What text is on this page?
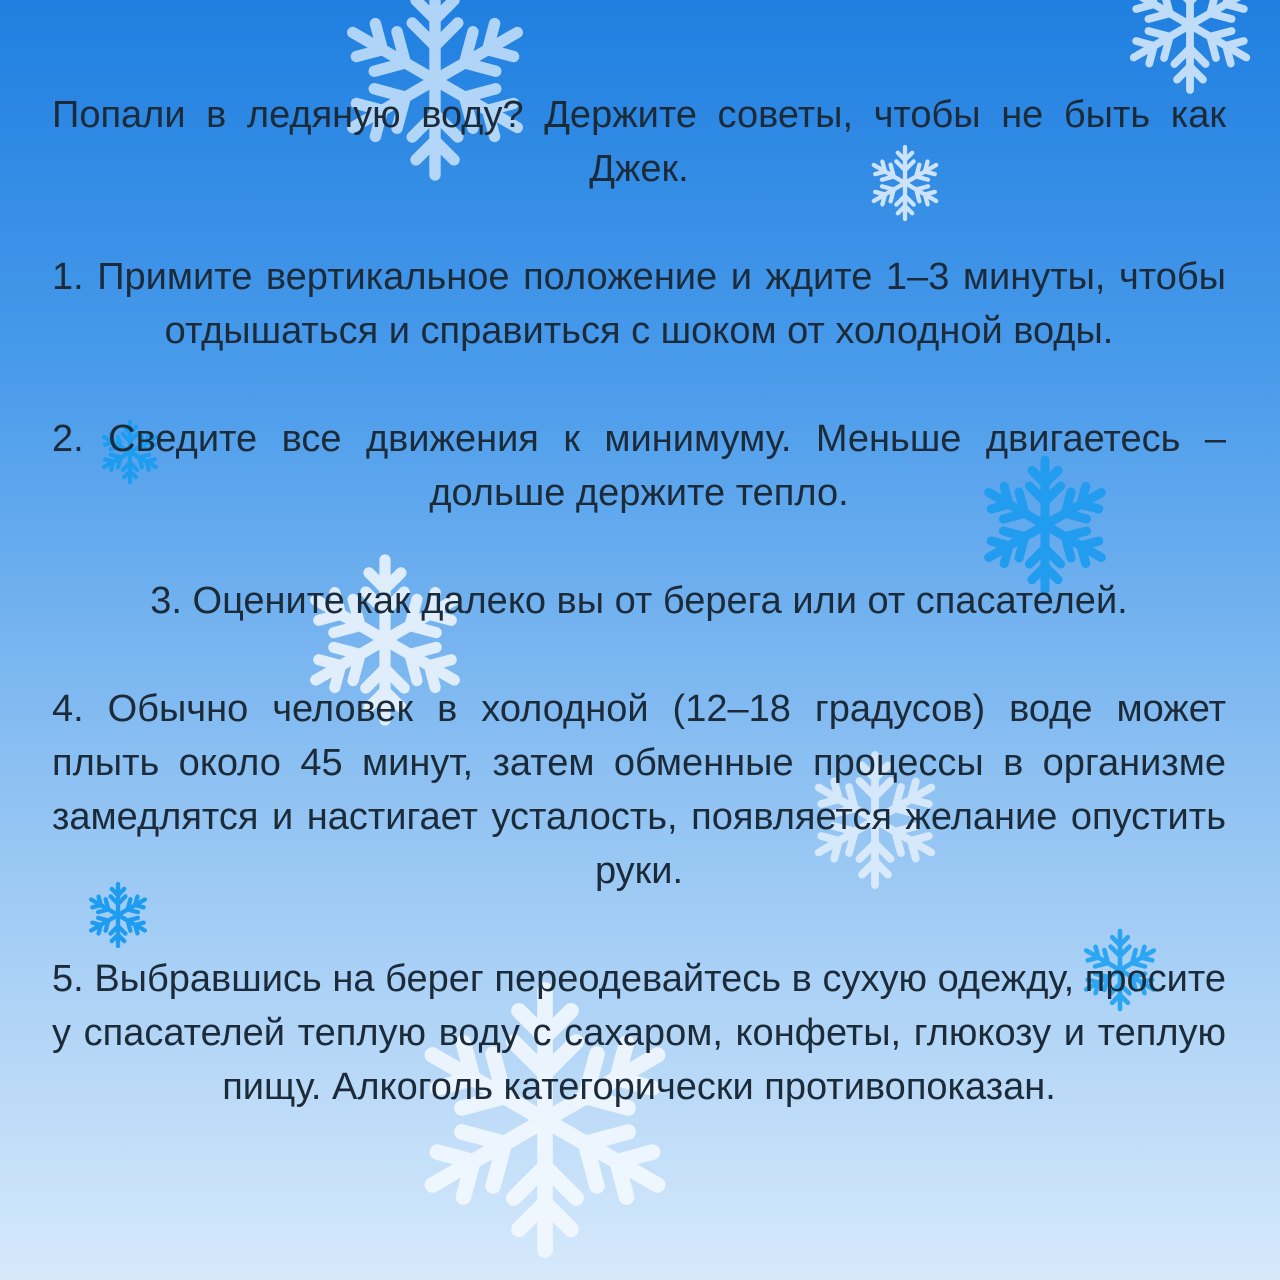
Попали в ледяную воду? Держите советы, чтобы не быть как Джек.

1. Примите вертикальное положение и ждите 1–3 минуты, чтобы отдышаться и справиться с шоком от холодной воды.

2. Сведите все движения к минимуму. Меньше двигаетесь – дольше держите тепло.

3. Оцените как далеко вы от берега или от спасателей.

4. Обычно человек в холодной (12–18 градусов) воде может плыть около 45 минут, затем обменные процессы в организме замедлятся и настигает усталость, появляется желание опустить руки.

5. Выбравшись на берег переодевайтесь в сухую одежду, просите у спасателей теплую воду с сахаром, конфеты, глюкозу и теплую пищу. Алкоголь категорически противопоказан.
